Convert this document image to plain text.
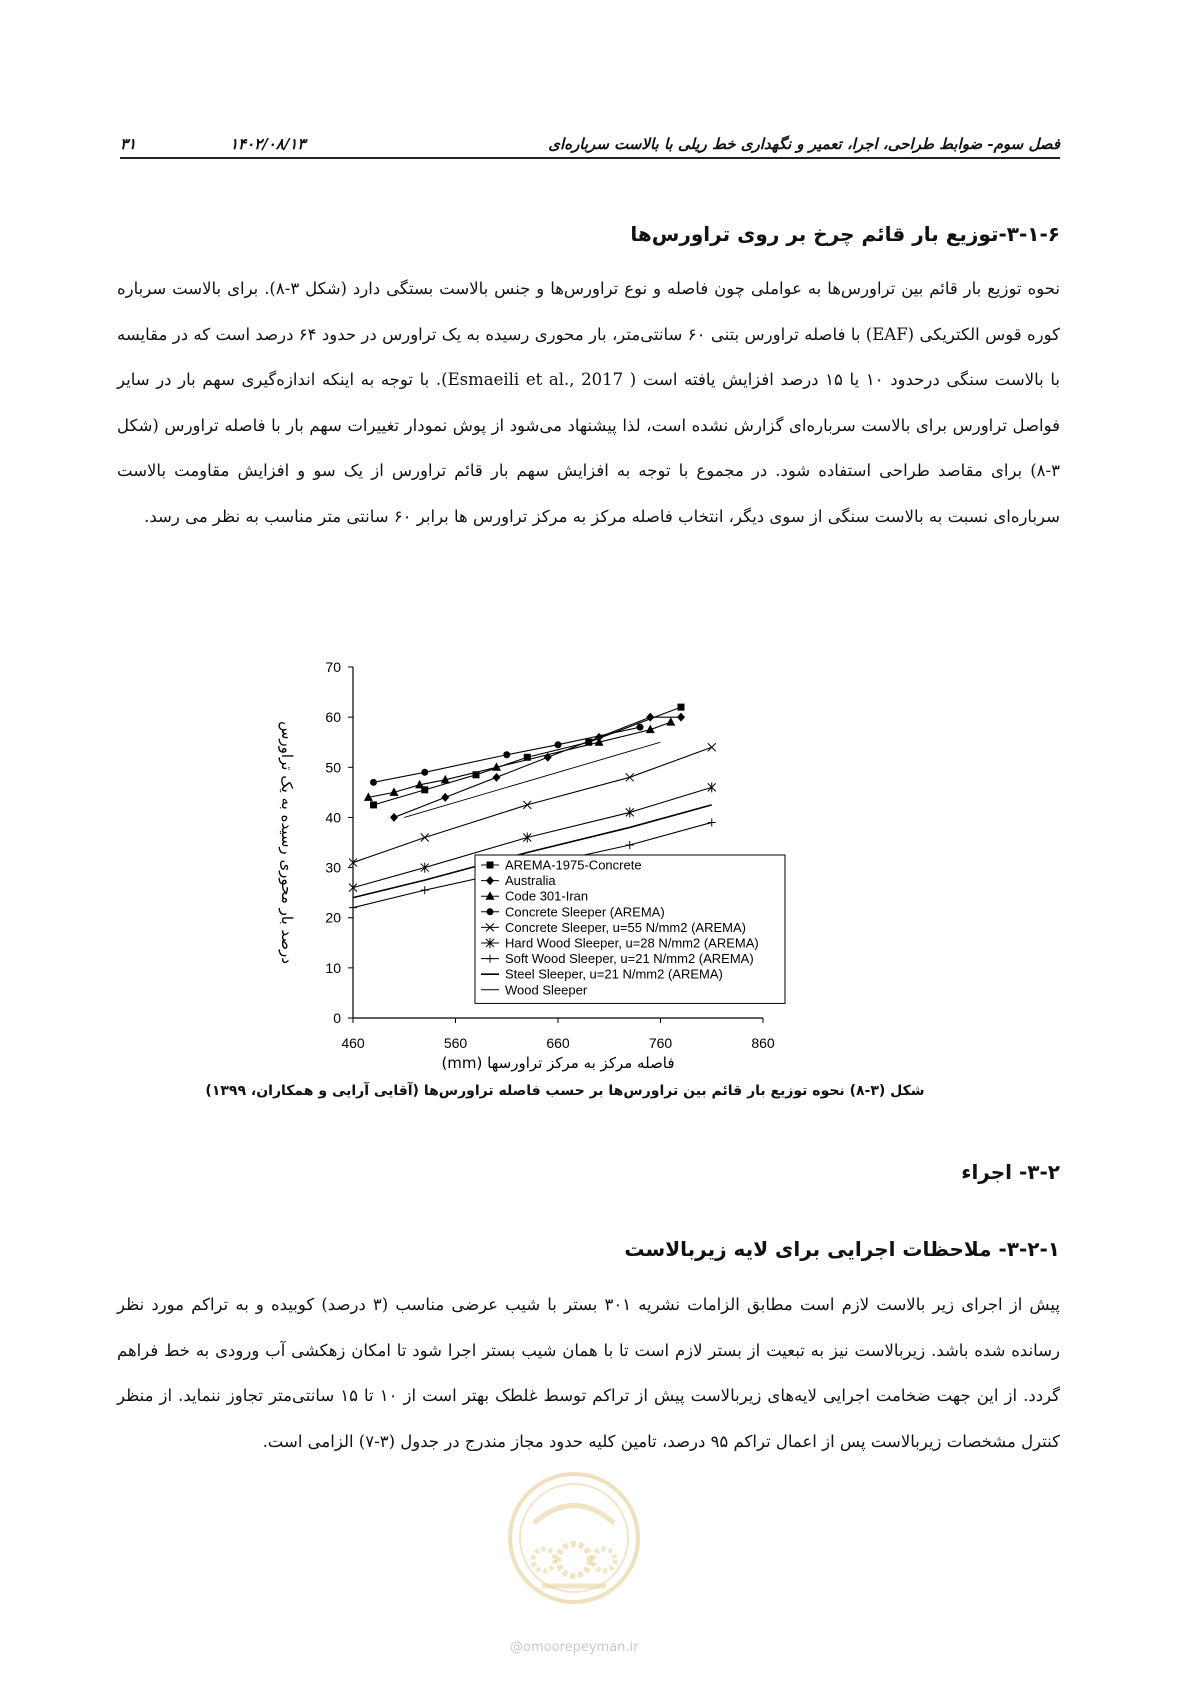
فصل سوم- ضوابط طراحی، اجرا، تعمیر و نگهداری خط ریلی با بالاست سرباره‌ای
۱۴۰۲/۰۸/۱۳
۳۱
۳-۱-۶-توزیع بار قائم چرخ بر روی تراورس‌ها

نحوه توزیع بار قائم بین تراورس‌ها به عواملی چون فاصله و نوع تراورس‌ها و جنس بالاست بستگی دارد (شکل ۳-۸). برای بالاست سرباره کوره قوس الکتریکی (EAF) با فاصله تراورس بتنی ۶۰ سانتی‌متر، بار محوری رسیده به یک تراورس در حدود ۶۴ درصد است که در مقایسه با بالاست سنگی درحدود ۱۰ یا ۱۵ درصد افزایش یافته است ( Esmaeili et al., 2017). با توجه به اینکه اندازه‌گیری سهم بار در سایر فواصل تراورس برای بالاست سرباره‌ای گزارش نشده است، لذا پیشنهاد می‌شود از پوش نمودار تغییرات سهم بار با فاصله تراورس (شکل ۳-۸) برای مقاصد طراحی استفاده شود. در مجموع با توجه به افزایش سهم بار قائم تراورس از یک سو و افزایش مقاومت بالاست سرباره‌ای نسبت به بالاست سنگی از سوی دیگر، انتخاب فاصله مرکز به مرکز تراورس ها برابر ۶۰ سانتی متر مناسب به نظر می رسد.

0
10
20
30
40
50
60
70
460	560	660	760	860
فاصله مرکز به مرکز تراورسها (mm)
درصد بار محوری رسیده به یک تراورس	AREMA-1975-Concrete
Australia
Code 301-Iran
Concrete Sleeper (AREMA)
Concrete Sleeper, u=55 N/mm2 (AREMA)
Hard Wood Sleeper, u=28 N/mm2 (AREMA)
Soft Wood Sleeper, u=21 N/mm2 (AREMA)
Steel Sleeper, u=21 N/mm2 (AREMA)
Wood Sleeper
شکل (۳-۸) نحوه توزیع بار قائم بین تراورس‌ها بر حسب فاصله تراورس‌ها (آقایی آرایی و همکاران، ۱۳۹۹)
۳-۲- اجراء
۳-۲-۱- ملاحظات اجرایی برای لایه زیربالاست

پیش از اجرای زیر بالاست لازم است مطابق الزامات نشریه ۳۰۱ بستر با شیب عرضی مناسب (۳ درصد) کوبیده و به تراکم مورد نظر رسانده شده باشد. زیربالاست نیز به تبعیت از بستر لازم است تا با همان شیب بستر اجرا شود تا امکان زهکشی آب ورودی به خط فراهم گردد. از این جهت ضخامت اجرایی لایه‌های زیربالاست پیش از تراکم توسط غلطک بهتر است از ۱۰ تا ۱۵ سانتی‌متر تجاوز ننماید. از منظر کنترل مشخصات زیربالاست پس از اعمال تراکم ۹۵ درصد، تامین کلیه حدود مجاز مندرج در جدول (۳-۷) الزامی است.

@omoorepeyman.ir
